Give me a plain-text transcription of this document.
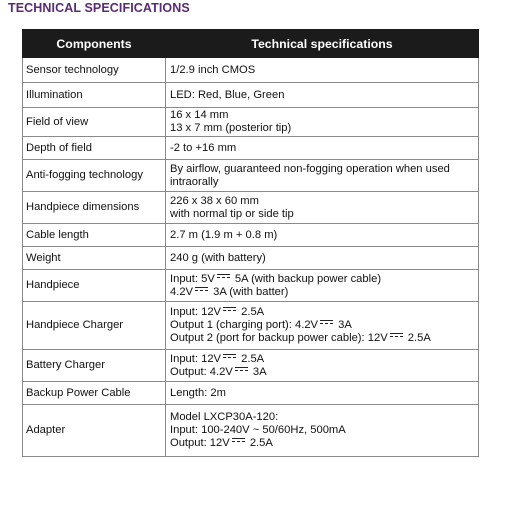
TECHNICAL SPECIFICATIONS
Components	Technical specifications
Sensor technology	1/2.9 inch CMOS

Illumination	LED: Red, Blue, Green

Field of view	16 x 14 mm
13 x 7 mm (posterior tip)

Depth of field	-2 to +16 mm

Anti-fogging technology	By airflow, guaranteed non-fogging operation when used
intraorally

Handpiece dimensions	226 x 38 x 60 mm
with normal tip or side tip

Cable length	2.7 m (1.9 m + 0.8 m)

Weight	240 g (with battery)

Handpiece	Input: 5V 5A (with backup power cable)
4.2V 3A (with batter)

Handpiece Charger	Input: 12V 2.5A
Output 1 (charging port): 4.2V 3A
Output 2 (port for backup power cable): 12V 2.5A

Battery Charger	Input: 12V 2.5A
Output: 4.2V 3A

Backup Power Cable	Length: 2m

Adapter	Model LXCP30A-120:
Input: 100-240V ~ 50/60Hz, 500mA
Output: 12V 2.5A
